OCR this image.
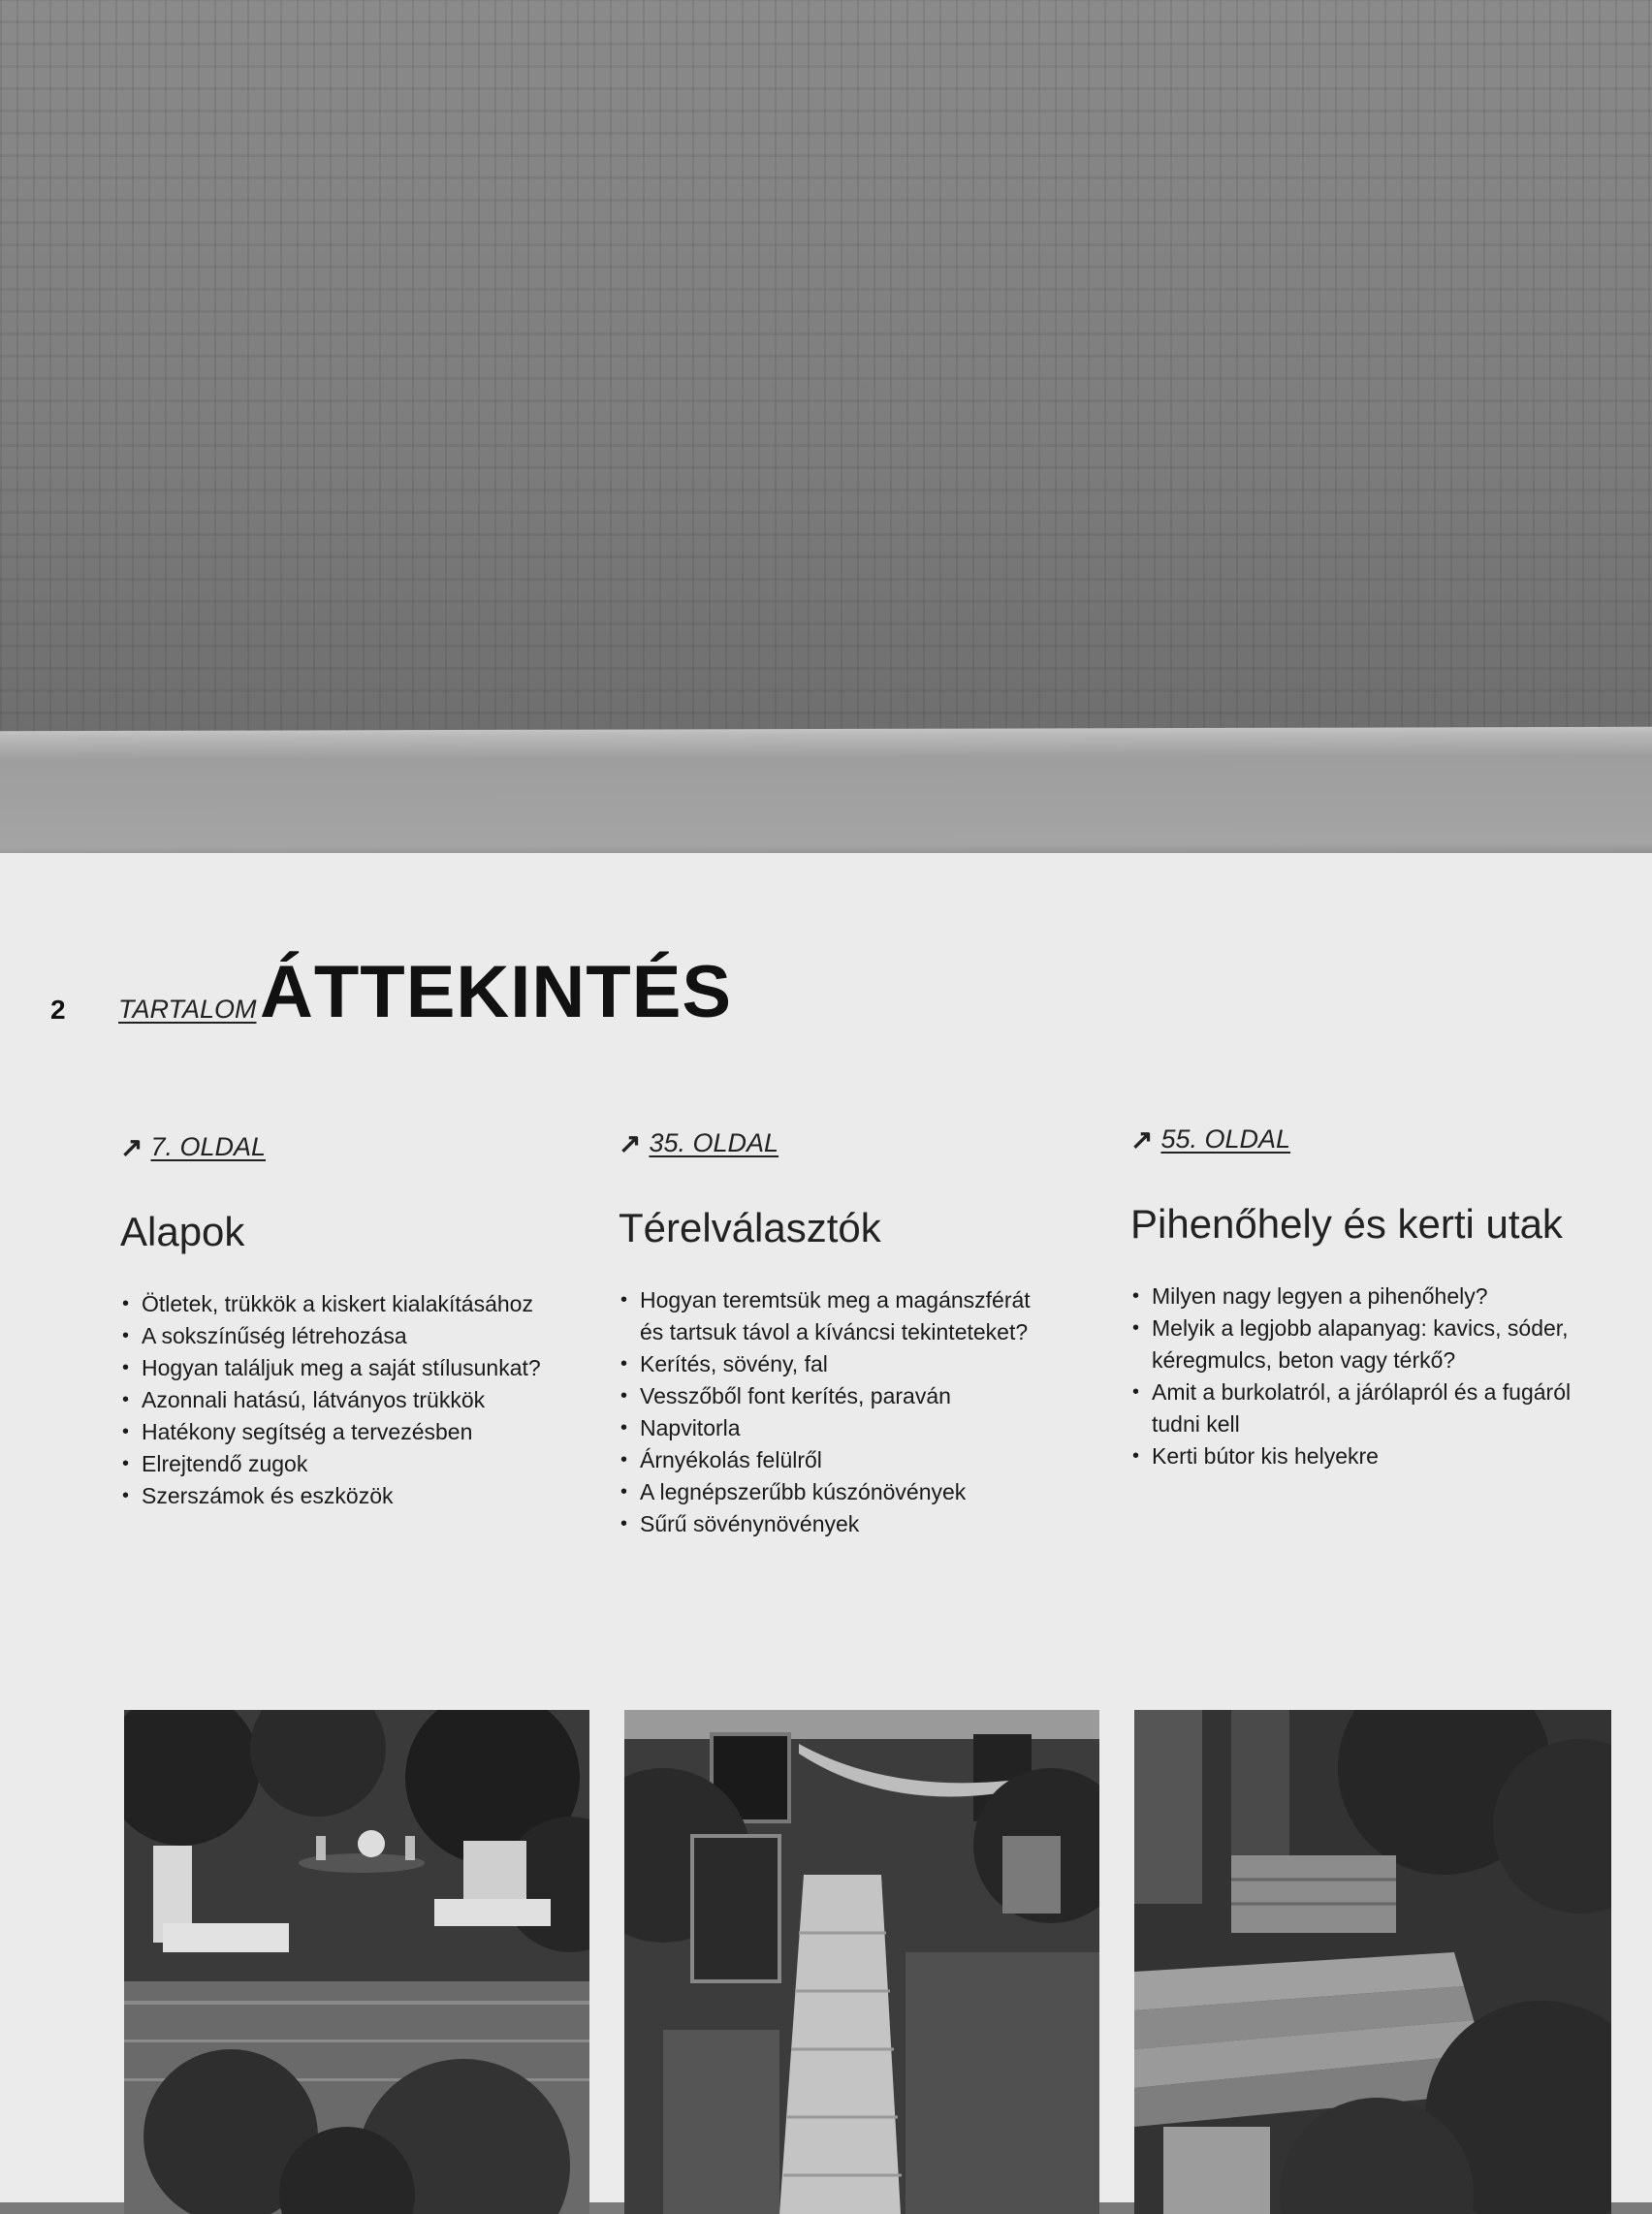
2 TARTALOM ÁTTEKINTÉS
↗ 7. OLDAL
Alapok
• Ötletek, trükkök a kiskert kialakításához
• A sokszínűség létrehozása
• Hogyan találjuk meg a saját stílusunkat?
• Azonnali hatású, látványos trükkök
• Hatékony segítség a tervezésben
• Elrejtendő zugok
• Szerszámok és eszközök
↗ 35. OLDAL
Térelválasztók
• Hogyan teremtsük meg a magánszférát és tartsuk távol a kíváncsi tekinteteket?
• Kerítés, sövény, fal
• Vesszőből font kerítés, paraván
• Napvitorla
• Árnyékolás felülről
• A legnépszerűbb kúszónövények
• Sűrű sövénynövények
↗ 55. OLDAL
Pihenőhely és kerti utak
• Milyen nagy legyen a pihenőhely?
• Melyik a legjobb alapanyag: kavics, sóder, kéregmulcs, beton vagy térkő?
• Amit a burkolatról, a járólapról és a fugáról tudni kell
• Kerti bútor kis helyekre
